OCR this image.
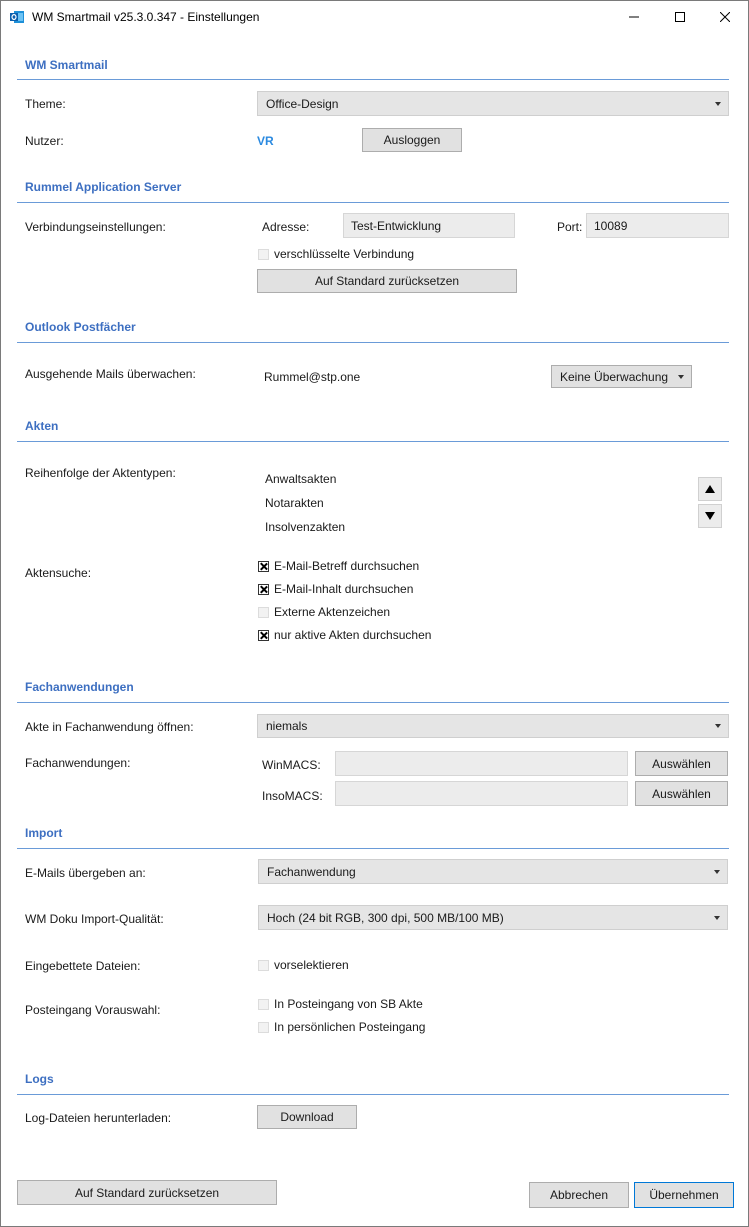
WM Smartmail v25.3.0.347 - Einstellungen
WM Smartmail
Theme:	Office-Design
Nutzer:	VR	Ausloggen
Rummel Application Server
Verbindungseinstellungen:	Adresse:	Test-Entwicklung	Port: 10089
verschlüsselte Verbindung
Auf Standard zurücksetzen
Outlook Postfächer
Ausgehende Mails überwachen:	Rummel@stp.one	Keine Überwachung
Akten
Reihenfolge der Aktentypen:	Anwaltsakten
Notarakten
Insolvenzakten
Aktensuche:	E-Mail-Betreff durchsuchen
E-Mail-Inhalt durchsuchen
Externe Aktenzeichen
nur aktive Akten durchsuchen
Fachanwendungen
Akte in Fachanwendung öffnen:	niemals
Fachanwendungen:	WinMACS:	Auswählen
InsoMACS:	Auswählen
Import
E-Mails übergeben an:	Fachanwendung
WM Doku Import-Qualität:	Hoch (24 bit RGB, 300 dpi, 500 MB/100 MB)
Eingebettete Dateien:	vorselektieren
Posteingang Vorauswahl:	In Posteingang von SB Akte
In persönlichen Posteingang
Logs
Log-Dateien herunterladen:	Download
Auf Standard zurücksetzen	Abbrechen	Übernehmen
